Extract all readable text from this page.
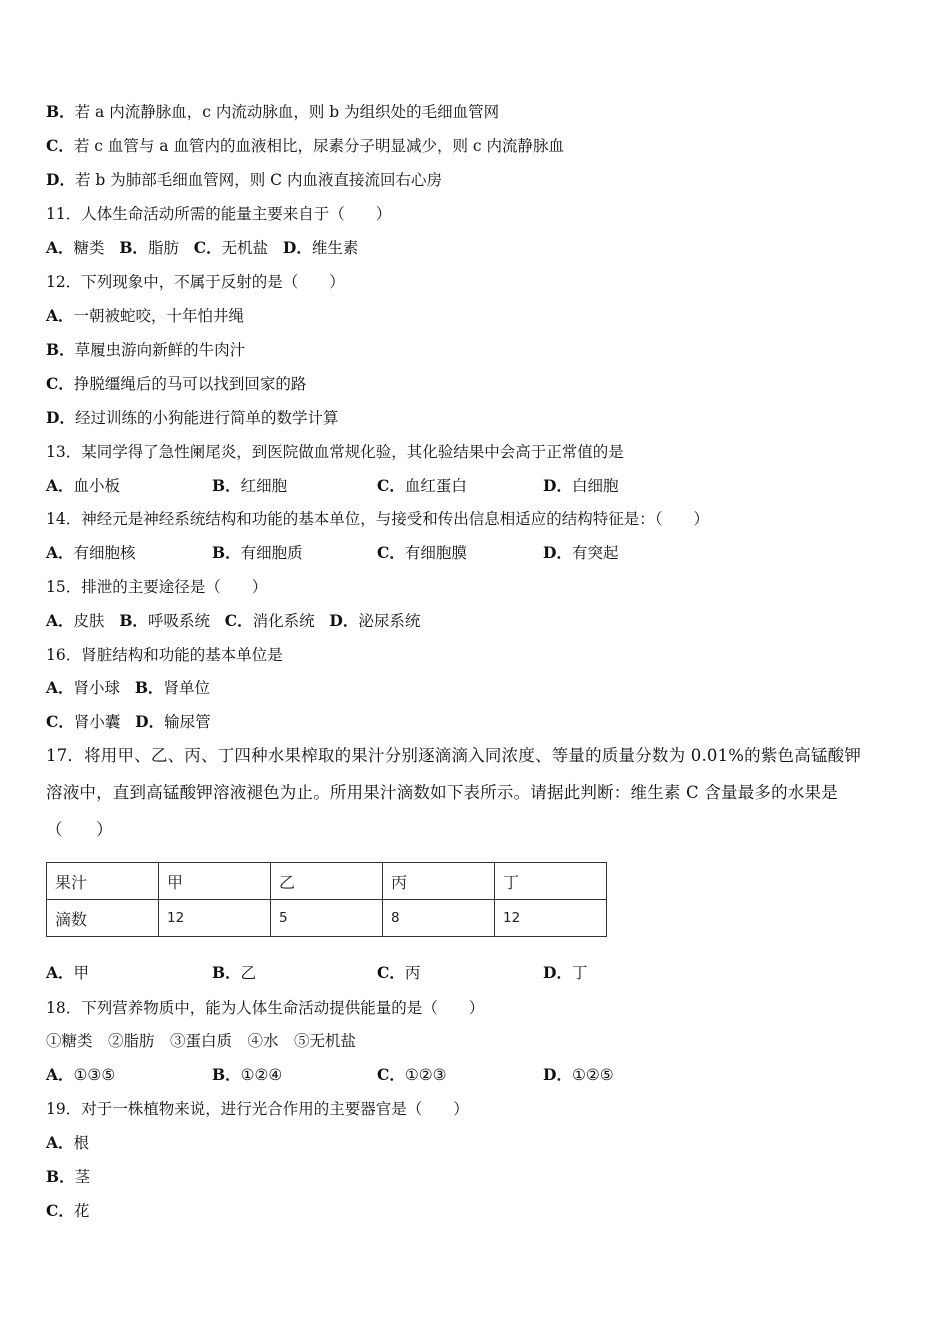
B．若 a 内流静脉血，c 内流动脉血，则 b 为组织处的毛细血管网
C．若 c 血管与 a 血管内的血液相比，尿素分子明显减少，则 c 内流静脉血
D．若 b 为肺部毛细血管网，则 C 内血液直接流回右心房
11．人体生命活动所需的能量主要来自于（　　）
A．糖类 B．脂肪 C．无机盐 D．维生素
12．下列现象中，不属于反射的是（　　）
A．一朝被蛇咬，十年怕井绳
B．草履虫游向新鲜的牛肉汁
C．挣脱缰绳后的马可以找到回家的路
D．经过训练的小狗能进行简单的数学计算
13．某同学得了急性阑尾炎，到医院做血常规化验，其化验结果中会高于正常值的是
A．血小板	B．红细胞	C．血红蛋白	D．白细胞
14．神经元是神经系统结构和功能的基本单位，与接受和传出信息相适应的结构特征是：（　　）
A．有细胞核	B．有细胞质	C．有细胞膜	D．有突起
15．排泄的主要途径是（　　）
A．皮肤 B．呼吸系统 C．消化系统 D．泌尿系统
16．肾脏结构和功能的基本单位是
A．肾小球 B．肾单位
C．肾小囊 D．输尿管
17．将用甲、乙、丙、丁四种水果榨取的果汁分别逐滴滴入同浓度、等量的质量分数为 0.01%的紫色高锰酸钾
溶液中，直到高锰酸钾溶液褪色为止。所用果汁滴数如下表所示。请据此判断：维生素 C 含量最多的水果是
（　　）
果汁	甲	乙	丙	丁
滴数	12	5	8	12
A．甲	B．乙	C．丙	D．丁
18．下列营养物质中，能为人体生命活动提供能量的是（　　）
①糖类　②脂肪　③蛋白质　④水　⑤无机盐
A．①③⑤	B．①②④	C．①②③	D．①②⑤
19．对于一株植物来说，进行光合作用的主要器官是（　　）
A．根
B．茎
C．花
